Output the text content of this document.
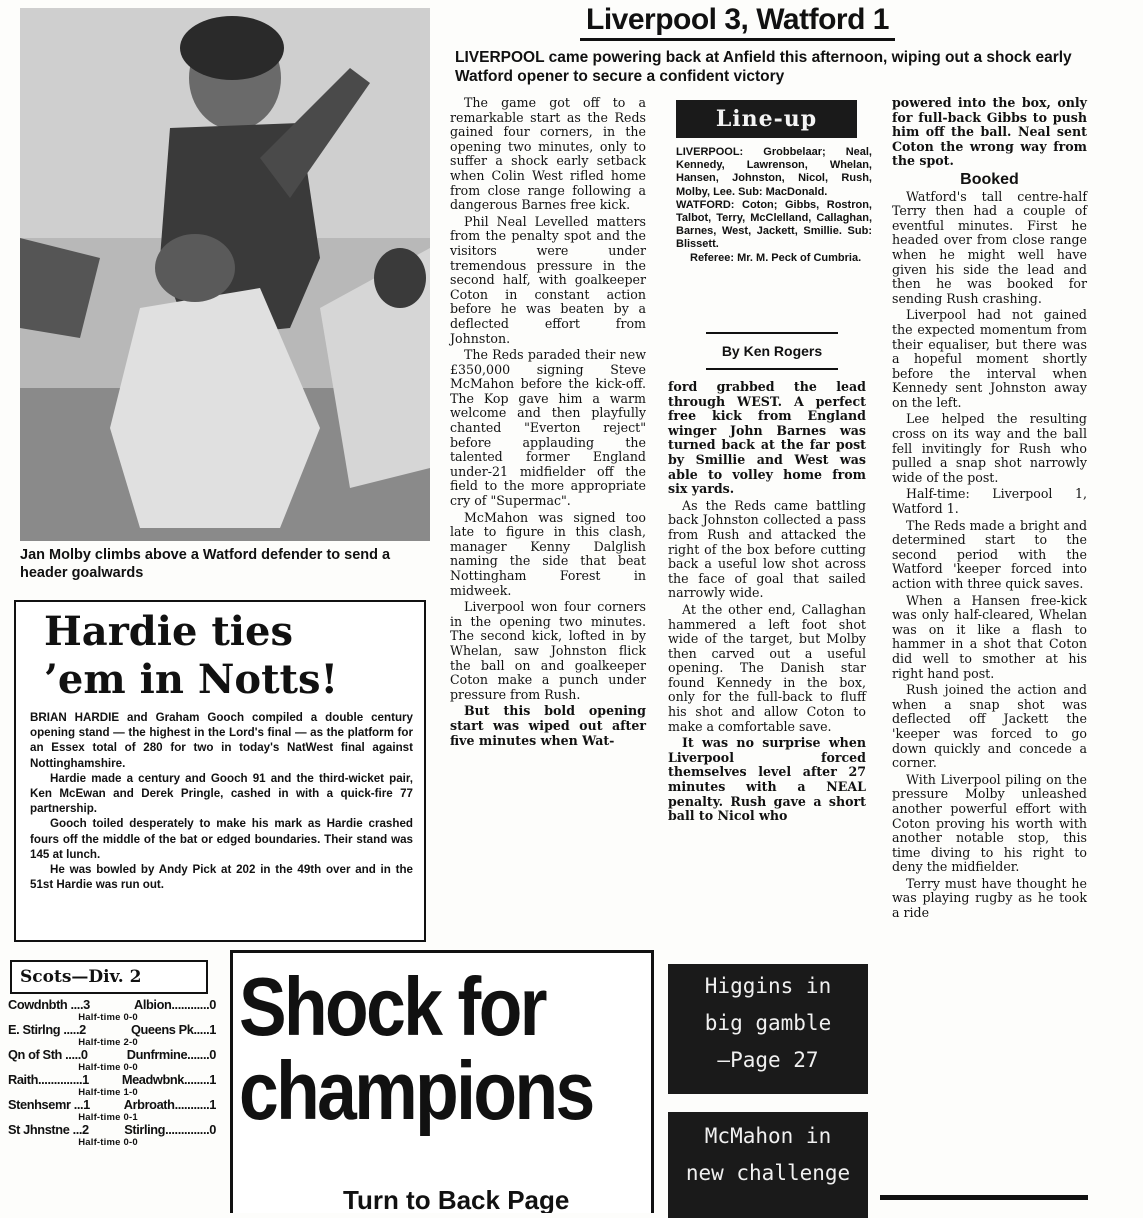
Jan Molby climbs above a Watford defender to send a header goalwards
Liverpool 3, Watford 1
LIVERPOOL came powering back at Anfield this afternoon, wiping out a shock early Watford opener to secure a confident victory

The game got off to a remarkable start as the Reds gained four corners, in the opening two minutes, only to suffer a shock early setback when Colin West rifled home from close range following a dangerous Barnes free kick.

Phil Neal Levelled matters from the penalty spot and the visitors were under tremendous pressure in the second half, with goalkeeper Coton in constant action before he was beaten by a deflected effort from Johnston.

The Reds paraded their new £350,000 signing Steve McMahon before the kick-off. The Kop gave him a warm welcome and then playfully chanted "Everton reject" before applauding the talented former England under-21 midfielder off the field to the more appropriate cry of "Supermac".

McMahon was signed too late to figure in this clash, manager Kenny Dalglish naming the side that beat Nottingham Forest in midweek.

Liverpool won four corners in the opening two minutes. The second kick, lofted in by Whelan, saw Johnston flick the ball on and goalkeeper Coton make a punch under pressure from Rush.

But this bold opening start was wiped out after five minutes when Wat-

Line-up

LIVERPOOL: Grobbelaar; Neal, Kennedy, Lawrenson, Whelan, Hansen, Johnston, Nicol, Rush, Molby, Lee. Sub: MacDonald.

WATFORD: Coton; Gibbs, Rostron, Talbot, Terry, McClelland, Callaghan, Barnes, West, Jackett, Smillie. Sub: Blissett.

Referee: Mr. M. Peck of Cumbria.

By Ken Rogers

ford grabbed the lead through WEST. A perfect free kick from England winger John Barnes was turned back at the far post by Smillie and West was able to volley home from six yards.

As the Reds came battling back Johnston collected a pass from Rush and attacked the right of the box before cutting back a useful low shot across the face of goal that sailed narrowly wide.

At the other end, Callaghan hammered a left foot shot wide of the target, but Molby then carved out a useful opening. The Danish star found Kennedy in the box, only for the full-back to fluff his shot and allow Coton to make a comfortable save.

It was no surprise when Liverpool forced themselves level after 27 minutes with a NEAL penalty. Rush gave a short ball to Nicol who

powered into the box, only for full-back Gibbs to push him off the ball. Neal sent Coton the wrong way from the spot.

Booked

Watford's tall centre-half Terry then had a couple of eventful minutes. First he headed over from close range when he might well have given his side the lead and then he was booked for sending Rush crashing.

Liverpool had not gained the expected momentum from their equaliser, but there was a hopeful moment shortly before the interval when Kennedy sent Johnston away on the left.

Lee helped the resulting cross on its way and the ball fell invitingly for Rush who pulled a snap shot narrowly wide of the post.

Half-time: Liverpool 1, Watford 1.

The Reds made a bright and determined start to the second period with the Watford 'keeper forced into action with three quick saves.

When a Hansen free-kick was only half-cleared, Whelan was on it like a flash to hammer in a shot that Coton did well to smother at his right hand post.

Rush joined the action and when a snap shot was deflected off Jackett the 'keeper was forced to go down quickly and concede a corner.

With Liverpool piling on the pressure Molby unleashed another powerful effort with Coton proving his worth with another notable stop, this time diving to his right to deny the midfielder.

Terry must have thought he was playing rugby as he took a ride

Hardie ties
’em in Notts!

BRIAN HARDIE and Graham Gooch compiled a double century opening stand — the highest in the Lord's final — as the platform for an Essex total of 280 for two in today's NatWest final against Nottinghamshire.

Hardie made a century and Gooch 91 and the third-wicket pair, Ken McEwan and Derek Pringle, cashed in with a quick-fire 77 partnership.

Gooch toiled desperately to make his mark as Hardie crashed fours off the middle of the bat or edged boundaries. Their stand was 145 at lunch.

He was bowled by Andy Pick at 202 in the 49th over and in the 51st Hardie was run out.

Scots—Div. 2
Cowdnbth ....3	Albion............0
Half-time 0-0
E. Stirlng .....2	Queens Pk.....1
Half-time 2-0
Qn of Sth .....0	Dunfrmine.......0
Half-time 0-0
Raith..............1	Meadwbnk........1
Half-time 1-0
Stenhsemr ...1	Arbroath...........1
Half-time 0-1
St Jhnstne ...2	Stirling..............0
Half-time 0-0
Shock for
champions
Turn to Back Page
Higgins in
big gamble
—Page 27
McMahon in
new challenge
